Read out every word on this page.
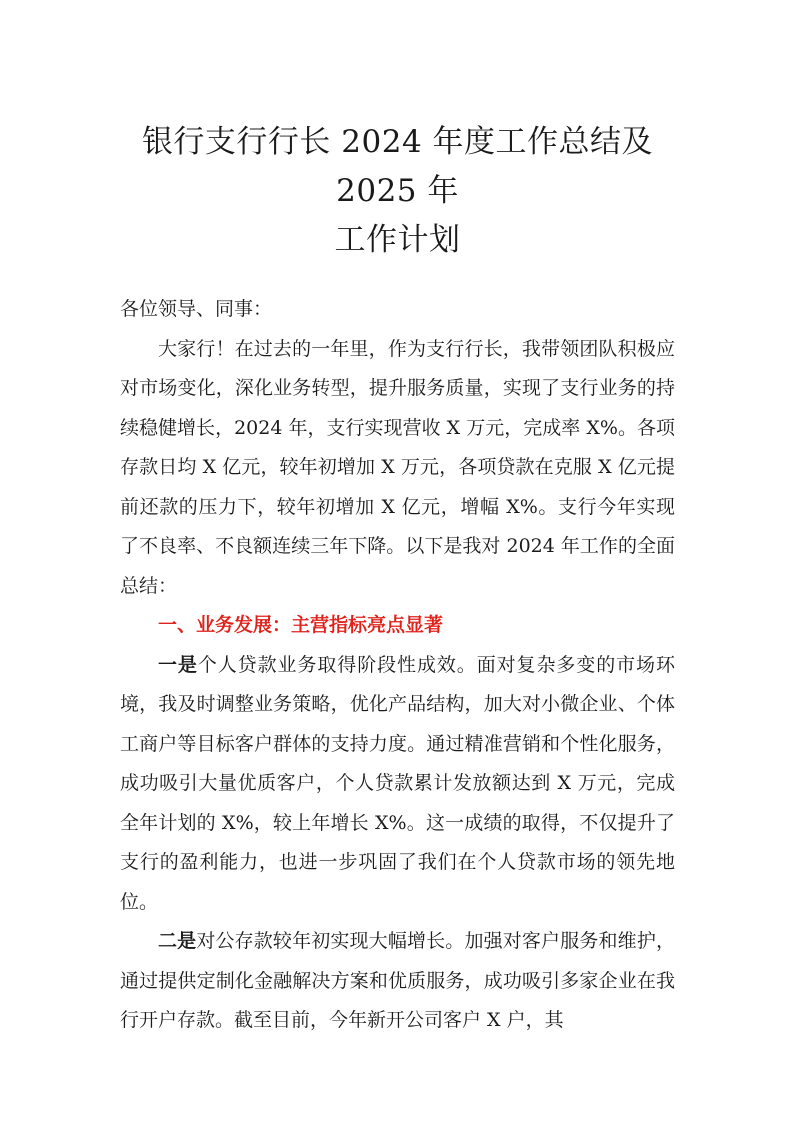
银行支行行长 2024 年度工作总结及 2025 年
工作计划

各位领导、同事：

大家行！在过去的一年里，作为支行行长，我带领团队积极应对市场变化，深化业务转型，提升服务质量，实现了支行业务的持续稳健增长，2024 年，支行实现营收 X 万元，完成率 X%。各项存款日均 X 亿元，较年初增加 X 万元，各项贷款在克服 X 亿元提前还款的压力下，较年初增加 X 亿元，增幅 X%。支行今年实现了不良率、不良额连续三年下降。以下是我对 2024 年工作的全面总结：

一、业务发展：主营指标亮点显著

一是个人贷款业务取得阶段性成效。面对复杂多变的市场环境，我及时调整业务策略，优化产品结构，加大对小微企业、个体工商户等目标客户群体的支持力度。通过精准营销和个性化服务，成功吸引大量优质客户，个人贷款累计发放额达到 X 万元，完成全年计划的 X%，较上年增长 X%。这一成绩的取得，不仅提升了支行的盈利能力，也进一步巩固了我们在个人贷款市场的领先地位。

二是对公存款较年初实现大幅增长。加强对客户服务和维护，通过提供定制化金融解决方案和优质服务，成功吸引多家企业在我行开户存款。截至目前，今年新开公司客户 X 户，其
